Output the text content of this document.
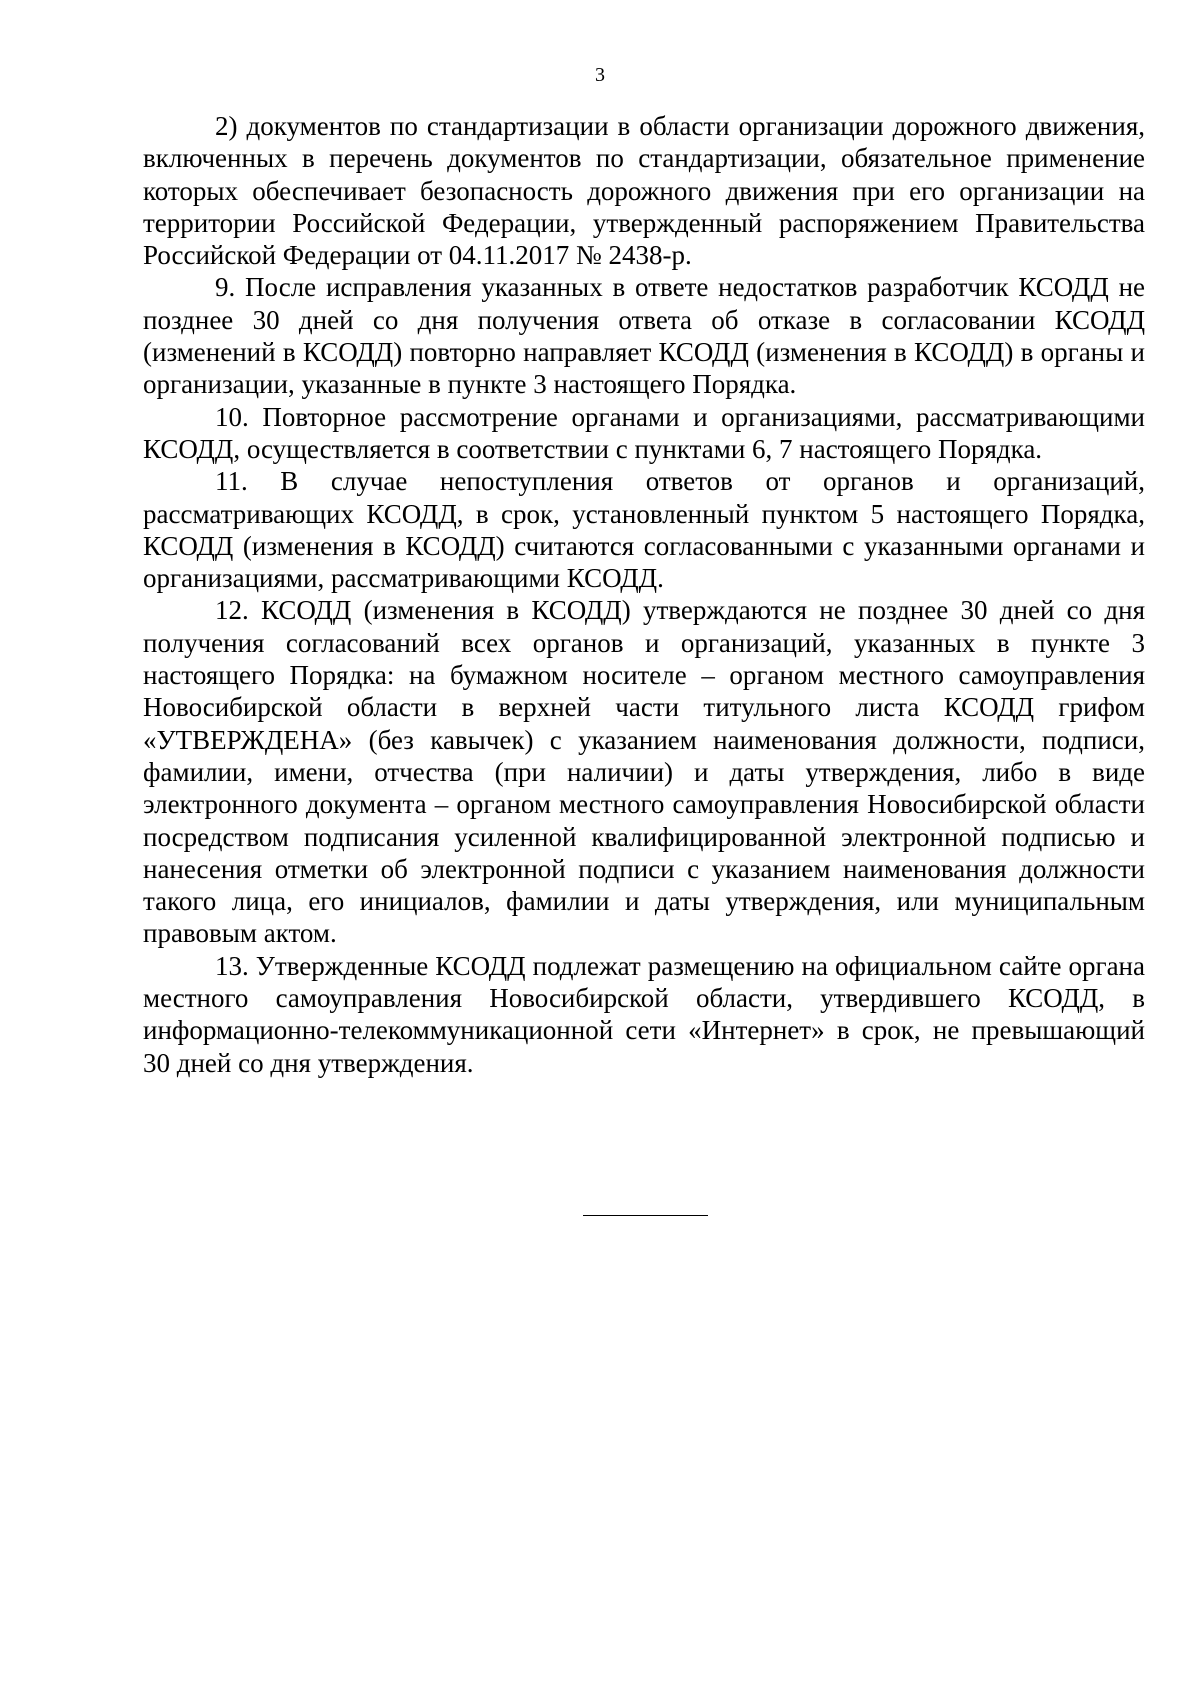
3

2) документов по стандартизации в области организации дорожного движения, включенных в перечень документов по стандартизации, обязательное применение которых обеспечивает безопасность дорожного движения при его организации на территории Российской Федерации, утвержденный распоряжением Правительства Российской Федерации от 04.11.2017 № 2438-р.

9. После исправления указанных в ответе недостатков разработчик КСОДД не позднее 30 дней со дня получения ответа об отказе в согласовании КСОДД (изменений в КСОДД) повторно направляет КСОДД (изменения в КСОДД) в органы и организации, указанные в пункте 3 настоящего Порядка.

10. Повторное рассмотрение органами и организациями, рассматривающими КСОДД, осуществляется в соответствии с пунктами 6, 7 настоящего Порядка.

11. В случае непоступления ответов от органов и организаций, рассматривающих КСОДД, в срок, установленный пунктом 5 настоящего Порядка, КСОДД (изменения в КСОДД) считаются согласованными с указанными органами и организациями, рассматривающими КСОДД.

12. КСОДД (изменения в КСОДД) утверждаются не позднее 30 дней со дня получения согласований всех органов и организаций, указанных в пункте 3 настоящего Порядка: на бумажном носителе – органом местного самоуправления Новосибирской области в верхней части титульного листа КСОДД грифом «УТВЕРЖДЕНА» (без кавычек) с указанием наименования должности, подписи, фамилии, имени, отчества (при наличии) и даты утверждения, либо в виде электронного документа – органом местного самоуправления Новосибирской области посредством подписания усиленной квалифицированной электронной подписью и нанесения отметки об электронной подписи с указанием наименования должности такого лица, его инициалов, фамилии и даты утверждения, или муниципальным правовым актом.

13. Утвержденные КСОДД подлежат размещению на официальном сайте органа местного самоуправления Новосибирской области, утвердившего КСОДД, в информационно-телекоммуникационной сети «Интернет» в срок, не превышающий 30 дней со дня утверждения.
